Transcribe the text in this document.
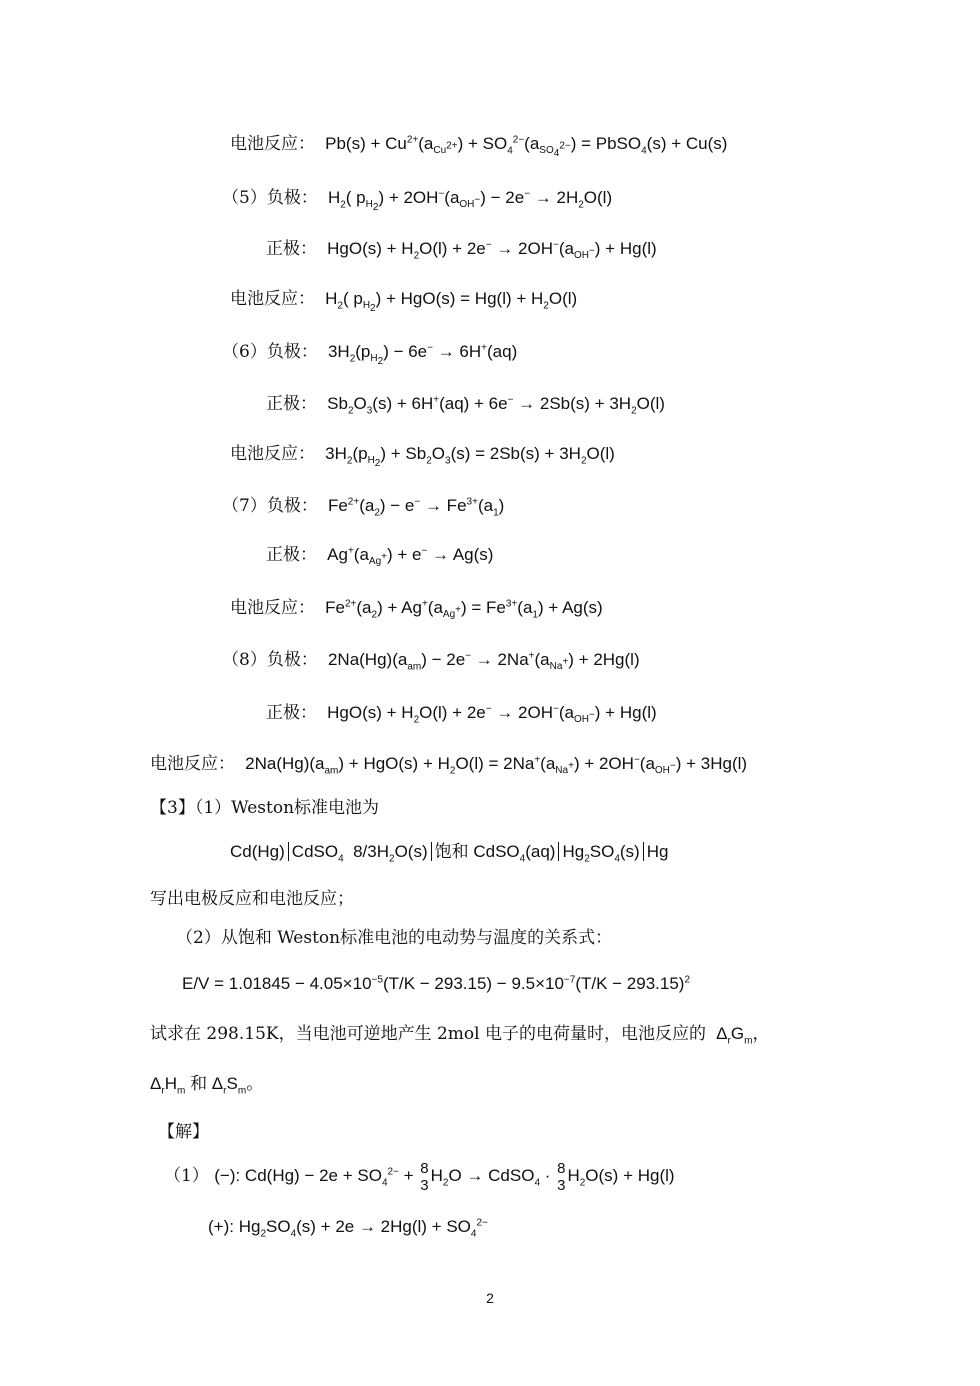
电池反应：  $Pb(s) + Cu^{2+}(a_{Cu^{2+}}) + SO_4^{2-}(a_{SO_4^{2-}})$ = PbSO$_4$(s) + Cu(s)
（5）负极：  $H_2$( $p_{H_2}) + 2OH^-(a_{OH^-}) - 2e^- \to 2H_2O(l)$
正极：  $HgO(s) + H_2O(l) + 2e^- \to 2OH^-(a_{OH^-}) + Hg(l)$
电池反应：  $H_2$( $p_{H_2}) + HgO(s) = Hg(l) + H_2O(l)$
（6）负极：  $3H_2(p_{H_2}) - 6e^- \to 6H^+(aq)$
正极：  $Sb_2O_3(s) + 6H^+(aq) + 6e^- \to 2Sb(s) + 3H_2O(l)$
电池反应：  $3H_2(p_{H_2}) + Sb_2O_3(s) = 2Sb(s) + 3H_2O(l)$
（7）负极：  $Fe^{2+}(a_2) - e^- \to Fe^{3+}(a_1)$
正极：  $Ag^+(a_{Ag^+}) + e^- \to Ag(s)$
电池反应：  $Fe^{2+}(a_2) + Ag^+(a_{Ag^+}) = Fe^{3+}(a_1) + Ag(s)$
（8）负极：  $2Na(Hg)(a_{am}) - 2e^- \to 2Na^+(a_{Na^+}) + 2Hg(l)$
正极：  $HgO(s) + H_2O(l) + 2e^- \to 2OH^-(a_{OH^-}) + Hg(l)$
电池反应：  $2Na(Hg)(a_{am}) + HgO(s) + H_2O(l) = 2Na^+(a_{Na^+}) + 2OH^-(a_{OH^-}) + 3Hg(l)$
【3】（1）Weston标准电池为
Cd(Hg) CdSO$_4$  $8/3H_2O(s)$ 饱和 CdSO$_4$(aq) $Hg_2SO_4(s)$ Hg
写出电极反应和电池反应；
（2）从饱和 Weston标准电池的电动势与温度的关系式：
$E/V = 1.01845 - 4.05\times 10^{-5}(T/K - 293.15) - 9.5\times 10^{-7}(T/K - 293.15)^2$
试求在 298.15K，当电池可逆地产生 2mol 电子的电荷量时，电池反应的  $\Delta_rG_m$，
$\Delta_rH_m$ 和 $\Delta_rS_m$。
【解】
（1） (−): $Cd(Hg) - 2e + SO_4^{2-} + 8$
3
$H_2O$ → CdSO$_4$ · 8
3
$H_2O(s) + Hg(l)$
(+): $Hg_2SO_4(s) + 2e \to 2Hg(l) + SO_4^{2-}$
2
